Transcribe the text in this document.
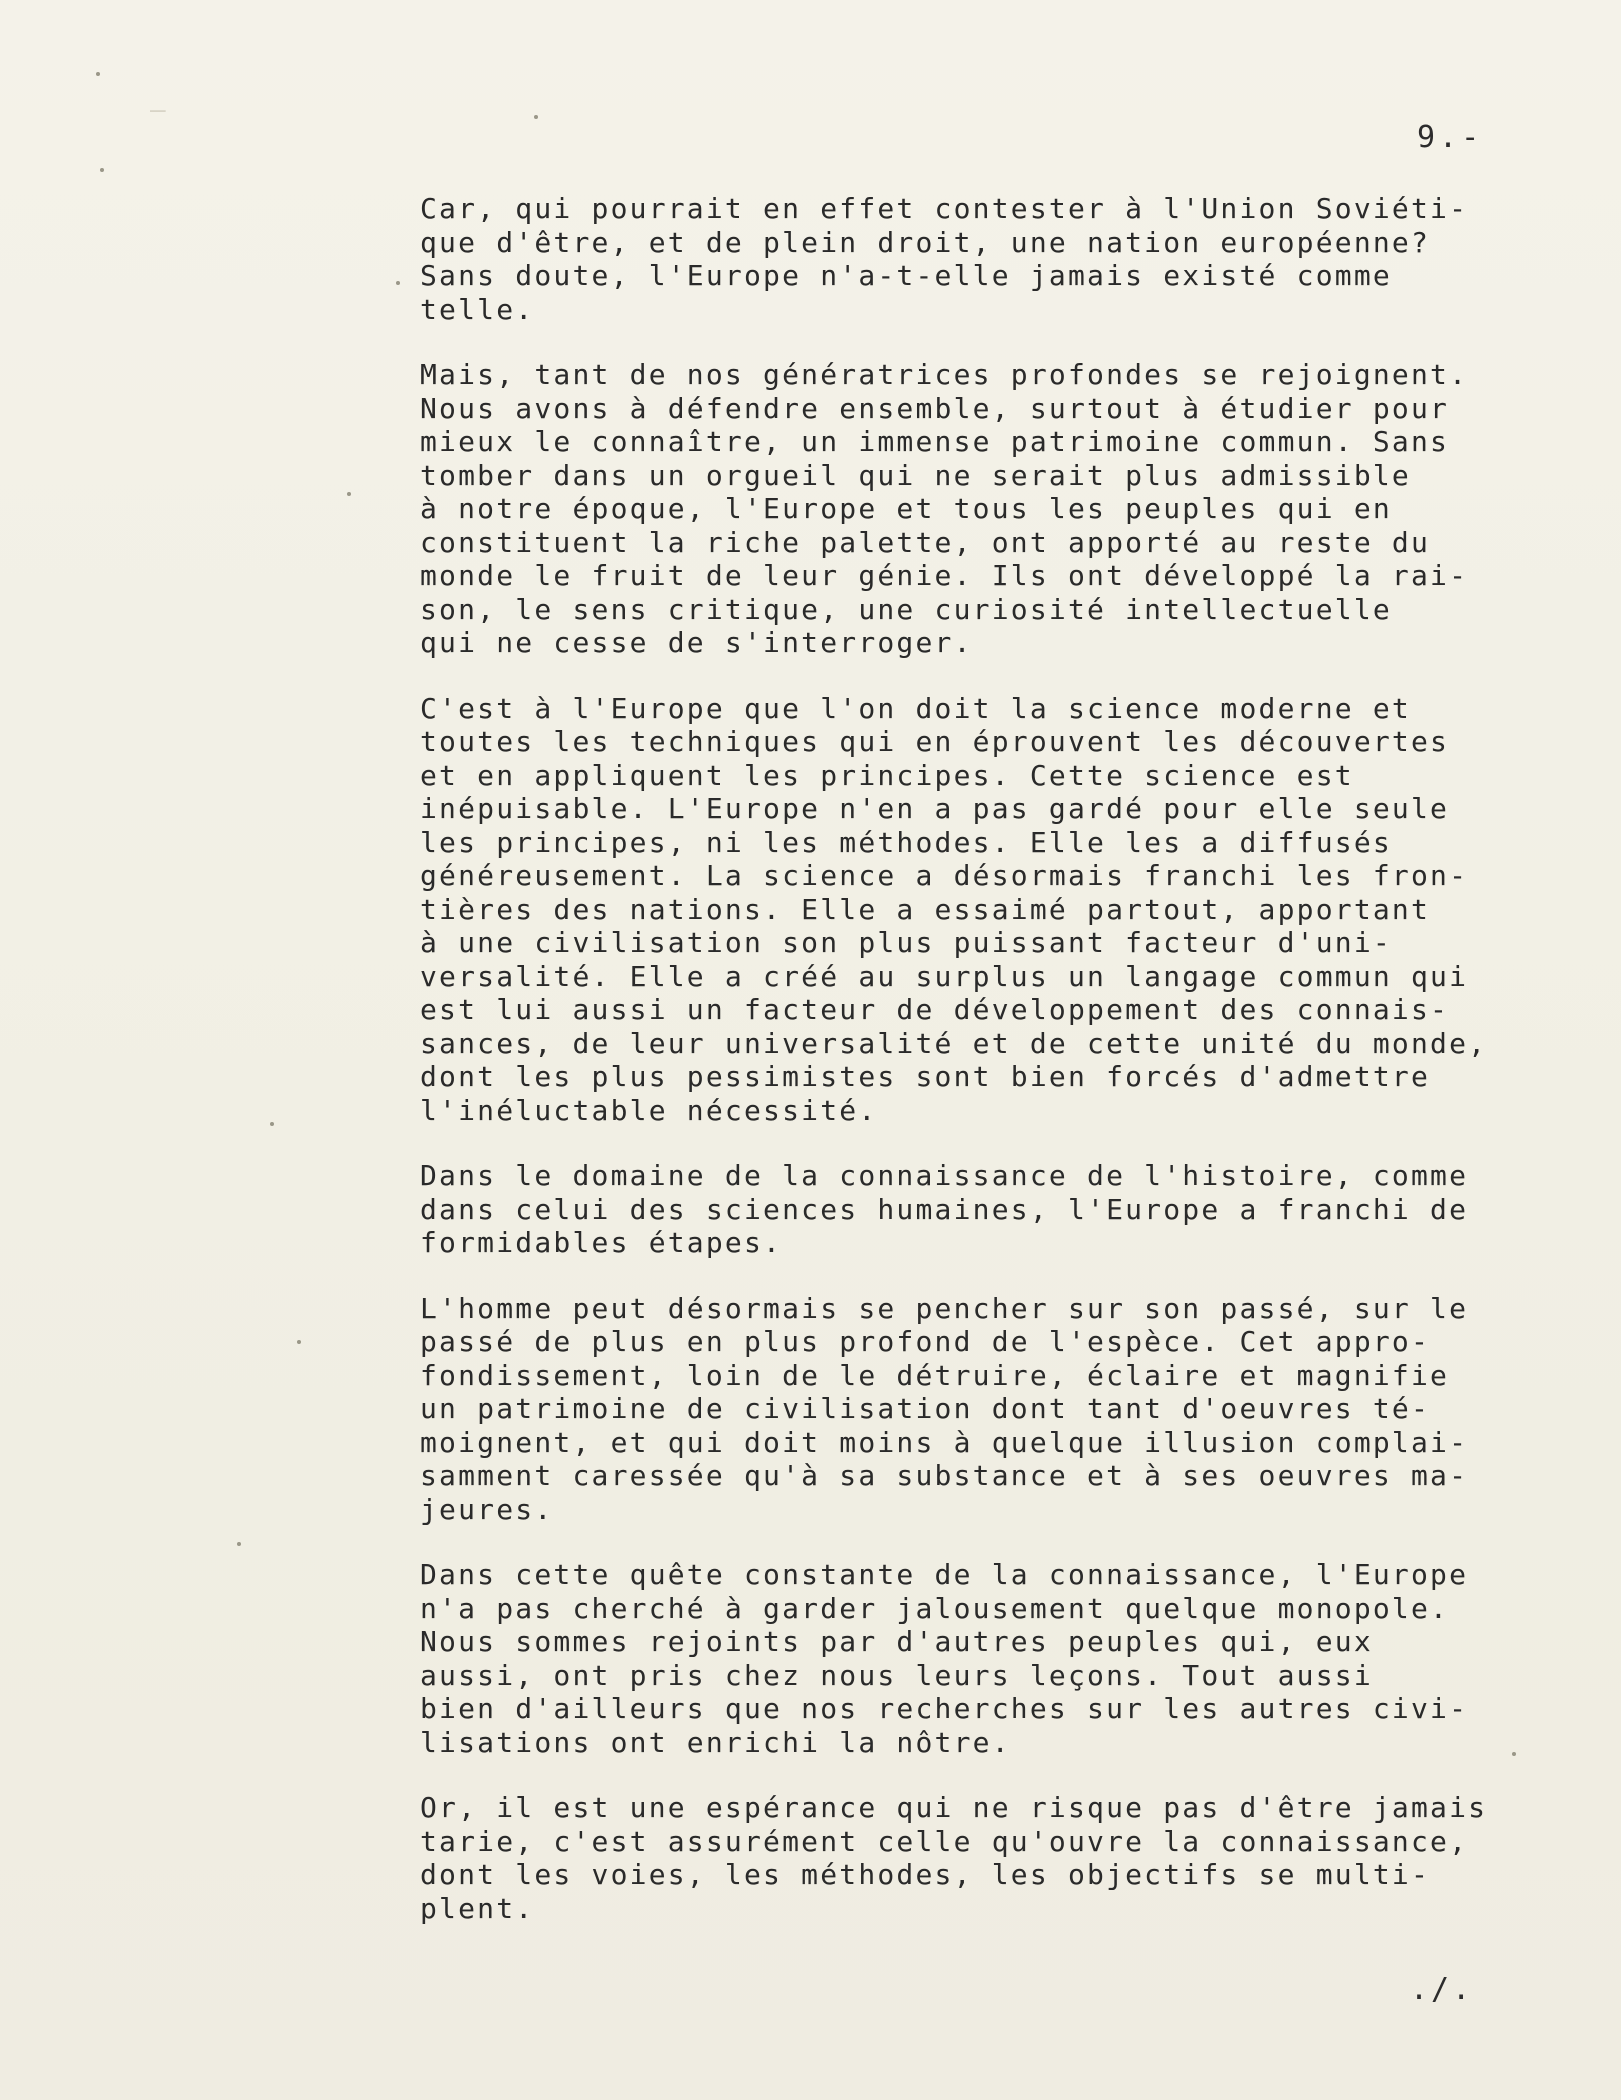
—
9.-
Car, qui pourrait en effet contester à l'Union Soviéti-
que d'être, et de plein droit, une nation européenne?
Sans doute, l'Europe n'a-t-elle jamais existé comme
telle.
Mais, tant de nos génératrices profondes se rejoignent.
Nous avons à défendre ensemble, surtout à étudier pour
mieux le connaître, un immense patrimoine commun. Sans
tomber dans un orgueil qui ne serait plus admissible
à notre époque, l'Europe et tous les peuples qui en
constituent la riche palette, ont apporté au reste du
monde le fruit de leur génie. Ils ont développé la rai-
son, le sens critique, une curiosité intellectuelle
qui ne cesse de s'interroger.
C'est à l'Europe que l'on doit la science moderne et
toutes les techniques qui en éprouvent les découvertes
et en appliquent les principes. Cette science est
inépuisable. L'Europe n'en a pas gardé pour elle seule
les principes, ni les méthodes. Elle les a diffusés
généreusement. La science a désormais franchi les fron-
tières des nations. Elle a essaimé partout, apportant
à une civilisation son plus puissant facteur d'uni-
versalité. Elle a créé au surplus un langage commun qui
est lui aussi un facteur de développement des connais-
sances, de leur universalité et de cette unité du monde,
dont les plus pessimistes sont bien forcés d'admettre
l'inéluctable nécessité.
Dans le domaine de la connaissance de l'histoire, comme
dans celui des sciences humaines, l'Europe a franchi de
formidables étapes.
L'homme peut désormais se pencher sur son passé, sur le
passé de plus en plus profond de l'espèce. Cet appro-
fondissement, loin de le détruire, éclaire et magnifie
un patrimoine de civilisation dont tant d'oeuvres té-
moignent, et qui doit moins à quelque illusion complai-
samment caressée qu'à sa substance et à ses oeuvres ma-
jeures.
Dans cette quête constante de la connaissance, l'Europe
n'a pas cherché à garder jalousement quelque monopole.
Nous sommes rejoints par d'autres peuples qui, eux
aussi, ont pris chez nous leurs leçons. Tout aussi
bien d'ailleurs que nos recherches sur les autres civi-
lisations ont enrichi la nôtre.
Or, il est une espérance qui ne risque pas d'être jamais
tarie, c'est assurément celle qu'ouvre la connaissance,
dont les voies, les méthodes, les objectifs se multi-
plent.
./.
